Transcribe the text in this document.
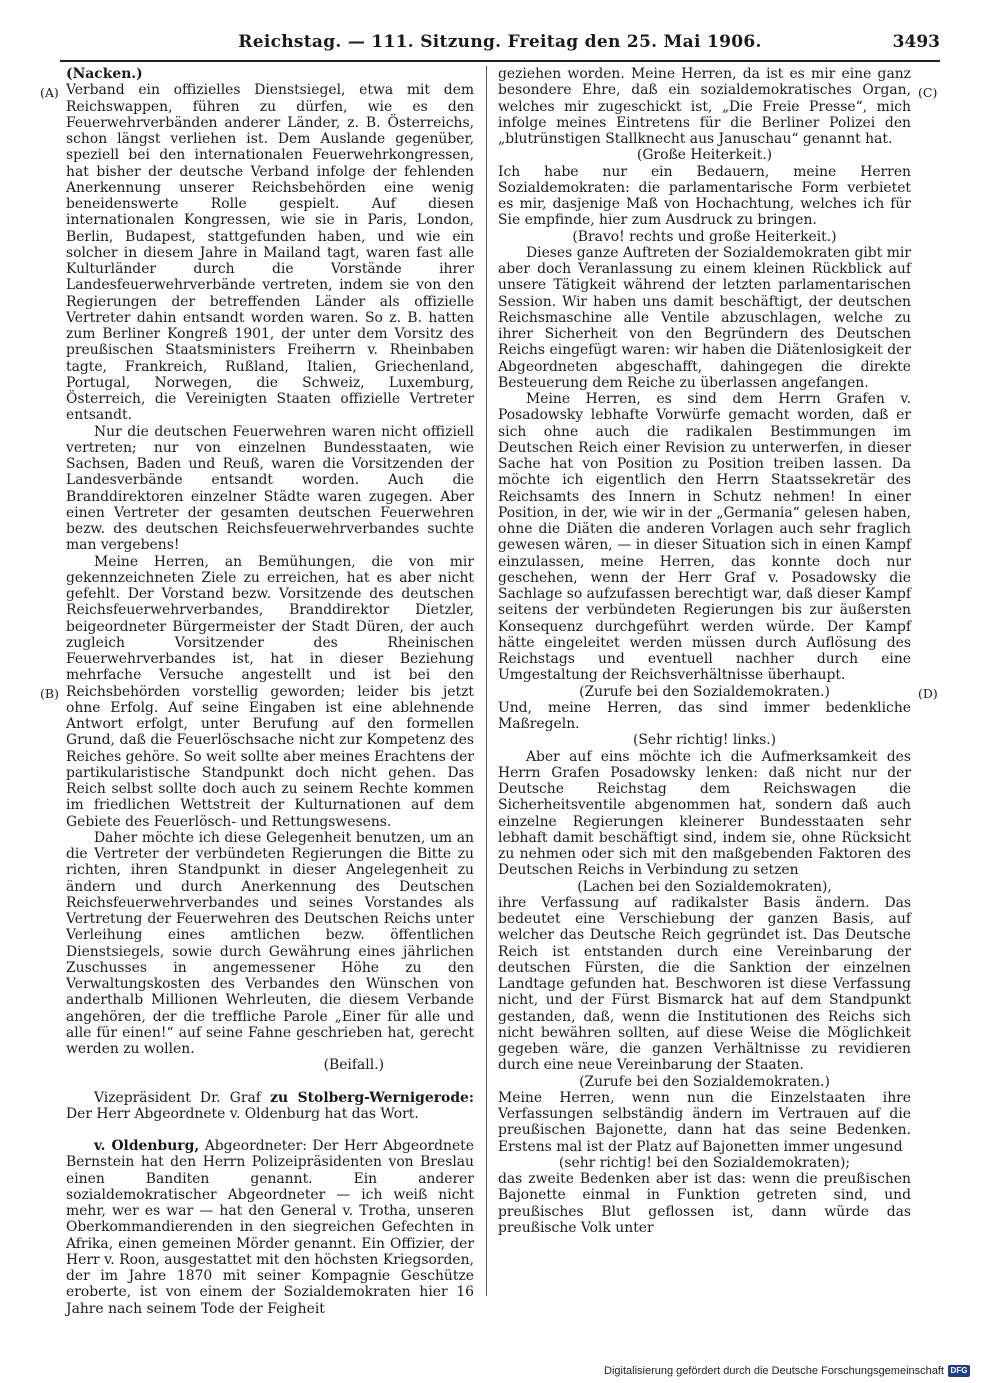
Reichstag. — 111. Sitzung. Freitag den 25. Mai 1906.	3493
(A)
(B)
(C)
(D)

(Nacken.)

Verband ein offizielles Dienstsiegel, etwa mit dem Reichswappen, führen zu dürfen, wie es den Feuerwehrverbänden anderer Länder, z. B. Österreichs, schon längst verliehen ist. Dem Auslande gegenüber, speziell bei den internationalen Feuerwehrkongressen, hat bisher der deutsche Verband infolge der fehlenden Anerkennung unserer Reichsbehörden eine wenig beneidenswerte Rolle gespielt. Auf diesen internationalen Kongressen, wie sie in Paris, London, Berlin, Budapest, stattgefunden haben, und wie ein solcher in diesem Jahre in Mailand tagt, waren fast alle Kulturländer durch die Vorstände ihrer Landesfeuerwehrverbände vertreten, indem sie von den Regierungen der betreffenden Länder als offizielle Vertreter dahin entsandt worden waren. So z. B. hatten zum Berliner Kongreß 1901, der unter dem Vorsitz des preußischen Staatsministers Freiherrn v. Rheinbaben tagte, Frankreich, Rußland, Italien, Griechenland, Portugal, Norwegen, die Schweiz, Luxemburg, Österreich, die Vereinigten Staaten offizielle Vertreter entsandt.

Nur die deutschen Feuerwehren waren nicht offiziell vertreten; nur von einzelnen Bundesstaaten, wie Sachsen, Baden und Reuß, waren die Vorsitzenden der Landesverbände entsandt worden. Auch die Branddirektoren einzelner Städte waren zugegen. Aber einen Vertreter der gesamten deutschen Feuerwehren bezw. des deutschen Reichsfeuerwehrverbandes suchte man vergebens!

Meine Herren, an Bemühungen, die von mir gekennzeichneten Ziele zu erreichen, hat es aber nicht gefehlt. Der Vorstand bezw. Vorsitzende des deutschen Reichsfeuerwehrverbandes, Branddirektor Dietzler, beigeordneter Bürgermeister der Stadt Düren, der auch zugleich Vorsitzender des Rheinischen Feuerwehrverbandes ist, hat in dieser Beziehung mehrfache Versuche angestellt und ist bei den Reichsbehörden vorstellig geworden; leider bis jetzt ohne Erfolg. Auf seine Eingaben ist eine ablehnende Antwort erfolgt, unter Berufung auf den formellen Grund, daß die Feuerlöschsache nicht zur Kompetenz des Reiches gehöre. So weit sollte aber meines Erachtens der partikularistische Standpunkt doch nicht gehen. Das Reich selbst sollte doch auch zu seinem Rechte kommen im friedlichen Wettstreit der Kulturnationen auf dem Gebiete des Feuerlösch- und Rettungswesens.

Daher möchte ich diese Gelegenheit benutzen, um an die Vertreter der verbündeten Regierungen die Bitte zu richten, ihren Standpunkt in dieser Angelegenheit zu ändern und durch Anerkennung des Deutschen Reichsfeuerwehrverbandes und seines Vorstandes als Vertretung der Feuerwehren des Deutschen Reichs unter Verleihung eines amtlichen bezw. öffentlichen Dienstsiegels, sowie durch Gewährung eines jährlichen Zuschusses in angemessener Höhe zu den Verwaltungskosten des Verbandes den Wünschen von anderthalb Millionen Wehrleuten, die diesem Verbande angehören, der die treffliche Parole „Einer für alle und alle für einen!“ auf seine Fahne geschrieben hat, gerecht werden zu wollen.

(Beifall.)

Vizepräsident Dr. Graf zu Stolberg-Wernigerode: Der Herr Abgeordnete v. Oldenburg hat das Wort.

v. Oldenburg, Abgeordneter: Der Herr Abgeordnete Bernstein hat den Herrn Polizeipräsidenten von Breslau einen Banditen genannt. Ein anderer sozialdemokratischer Abgeordneter — ich weiß nicht mehr, wer es war — hat den General v. Trotha, unseren Oberkommandierenden in den siegreichen Gefechten in Afrika, einen gemeinen Mörder genannt. Ein Offizier, der Herr v. Roon, ausgestattet mit den höchsten Kriegsorden, der im Jahre 1870 mit seiner Kompagnie Geschütze eroberte, ist von einem der Sozialdemokraten hier 16 Jahre nach seinem Tode der Feigheit

geziehen worden. Meine Herren, da ist es mir eine ganz besondere Ehre, daß ein sozialdemokratisches Organ, welches mir zugeschickt ist, „Die Freie Presse“, mich infolge meines Eintretens für die Berliner Polizei den „blutrünstigen Stallknecht aus Januschau“ genannt hat.

(Große Heiterkeit.)

Ich habe nur ein Bedauern, meine Herren Sozialdemokraten: die parlamentarische Form verbietet es mir, dasjenige Maß von Hochachtung, welches ich für Sie empfinde, hier zum Ausdruck zu bringen.

(Bravo! rechts und große Heiterkeit.)

Dieses ganze Auftreten der Sozialdemokraten gibt mir aber doch Veranlassung zu einem kleinen Rückblick auf unsere Tätigkeit während der letzten parlamentarischen Session. Wir haben uns damit beschäftigt, der deutschen Reichsmaschine alle Ventile abzuschlagen, welche zu ihrer Sicherheit von den Begründern des Deutschen Reichs eingefügt waren: wir haben die Diätenlosigkeit der Abgeordneten abgeschafft, dahingegen die direkte Besteuerung dem Reiche zu überlassen angefangen.

Meine Herren, es sind dem Herrn Grafen v. Posadowsky lebhafte Vorwürfe gemacht worden, daß er sich ohne auch die radikalen Bestimmungen im Deutschen Reich einer Revision zu unterwerfen, in dieser Sache hat von Position zu Position treiben lassen. Da möchte ich eigentlich den Herrn Staatssekretär des Reichsamts des Innern in Schutz nehmen! In einer Position, in der, wie wir in der „Germania“ gelesen haben, ohne die Diäten die anderen Vorlagen auch sehr fraglich gewesen wären, — in dieser Situation sich in einen Kampf einzulassen, meine Herren, das konnte doch nur geschehen, wenn der Herr Graf v. Posadowsky die Sachlage so aufzufassen berechtigt war, daß dieser Kampf seitens der verbündeten Regierungen bis zur äußersten Konsequenz durchgeführt werden würde. Der Kampf hätte eingeleitet werden müssen durch Auflösung des Reichstags und eventuell nachher durch eine Umgestaltung der Reichsverhältnisse überhaupt.

(Zurufe bei den Sozialdemokraten.)

Und, meine Herren, das sind immer bedenkliche Maßregeln.

(Sehr richtig! links.)

Aber auf eins möchte ich die Aufmerksamkeit des Herrn Grafen Posadowsky lenken: daß nicht nur der Deutsche Reichstag dem Reichswagen die Sicherheitsventile abgenommen hat, sondern daß auch einzelne Regierungen kleinerer Bundesstaaten sehr lebhaft damit beschäftigt sind, indem sie, ohne Rücksicht zu nehmen oder sich mit den maßgebenden Faktoren des Deutschen Reichs in Verbindung zu setzen

(Lachen bei den Sozialdemokraten),

ihre Verfassung auf radikalster Basis ändern. Das bedeutet eine Verschiebung der ganzen Basis, auf welcher das Deutsche Reich gegründet ist. Das Deutsche Reich ist entstanden durch eine Vereinbarung der deutschen Fürsten, die die Sanktion der einzelnen Landtage gefunden hat. Beschworen ist diese Verfassung nicht, und der Fürst Bismarck hat auf dem Standpunkt gestanden, daß, wenn die Institutionen des Reichs sich nicht bewähren sollten, auf diese Weise die Möglichkeit gegeben wäre, die ganzen Verhältnisse zu revidieren durch eine neue Vereinbarung der Staaten.

(Zurufe bei den Sozialdemokraten.)

Meine Herren, wenn nun die Einzelstaaten ihre Verfassungen selbständig ändern im Vertrauen auf die preußischen Bajonette, dann hat das seine Bedenken. Erstens mal ist der Platz auf Bajonetten immer ungesund

(sehr richtig! bei den Sozialdemokraten);

das zweite Bedenken aber ist das: wenn die preußischen Bajonette einmal in Funktion getreten sind, und preußisches Blut geflossen ist, dann würde das preußische Volk unter

Digitalisierung gefördert durch die Deutsche Forschungsgemeinschaft DFG
